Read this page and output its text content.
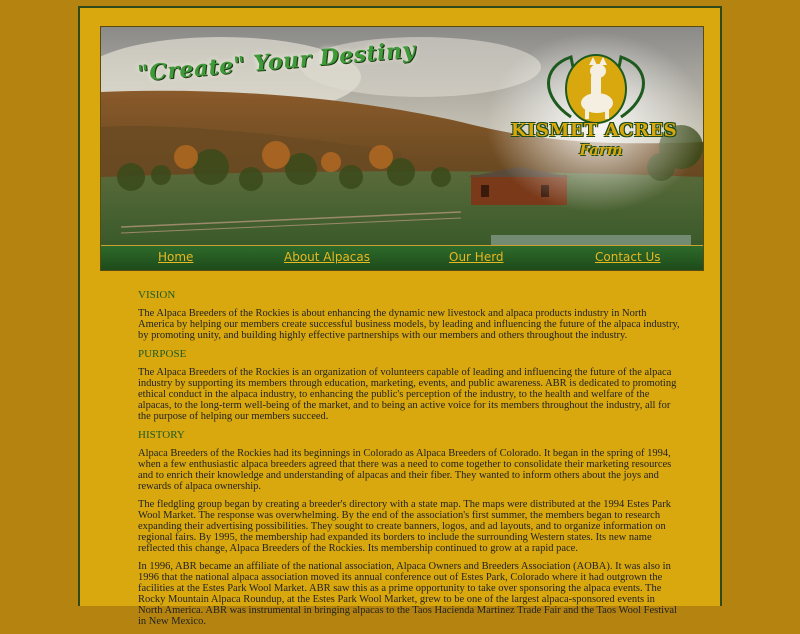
"Create" Your Destiny
KISMET ACRES
Farm
Home	About Alpacas	Our Herd	Contact Us
VISION

The Alpaca Breeders of the Rockies is about enhancing the dynamic new livestock and alpaca products industry in North America by helping our members create successful business models, by leading and influencing the future of the alpaca industry, by promoting unity, and building highly effective partnerships with our members and others throughout the industry.

PURPOSE

The Alpaca Breeders of the Rockies is an organization of volunteers capable of leading and influencing the future of the alpaca industry by supporting its members through education, marketing, events, and public awareness. ABR is dedicated to promoting ethical conduct in the alpaca industry, to enhancing the public's perception of the industry, to the health and welfare of the alpacas, to the long-term well-being of the market, and to being an active voice for its members throughout the industry, all for the purpose of helping our members succeed.

HISTORY

Alpaca Breeders of the Rockies had its beginnings in Colorado as Alpaca Breeders of Colorado. It began in the spring of 1994, when a few enthusiastic alpaca breeders agreed that there was a need to come together to consolidate their marketing resources and to enrich their knowledge and understanding of alpacas and their fiber. They wanted to inform others about the joys and rewards of alpaca ownership.

The fledgling group began by creating a breeder's directory with a state map. The maps were distributed at the 1994 Estes Park Wool Market. The response was overwhelming. By the end of the association's first summer, the members began to research expanding their advertising possibilities. They sought to create banners, logos, and ad layouts, and to organize information on regional fairs. By 1995, the membership had expanded its borders to include the surrounding Western states. Its new name reflected this change, Alpaca Breeders of the Rockies. Its membership continued to grow at a rapid pace.

In 1996, ABR became an affiliate of the national association, Alpaca Owners and Breeders Association (AOBA). It was also in 1996 that the national alpaca association moved its annual conference out of Estes Park, Colorado where it had outgrown the facilities at the Estes Park Wool Market. ABR saw this as a prime opportunity to take over sponsoring the alpaca events. The Rocky Mountain Alpaca Roundup, at the Estes Park Wool Market, grew to be one of the largest alpaca-sponsored events in North America. ABR was instrumental in bringing alpacas to the Taos Hacienda Martinez Trade Fair and the Taos Wool Festival in New Mexico.
